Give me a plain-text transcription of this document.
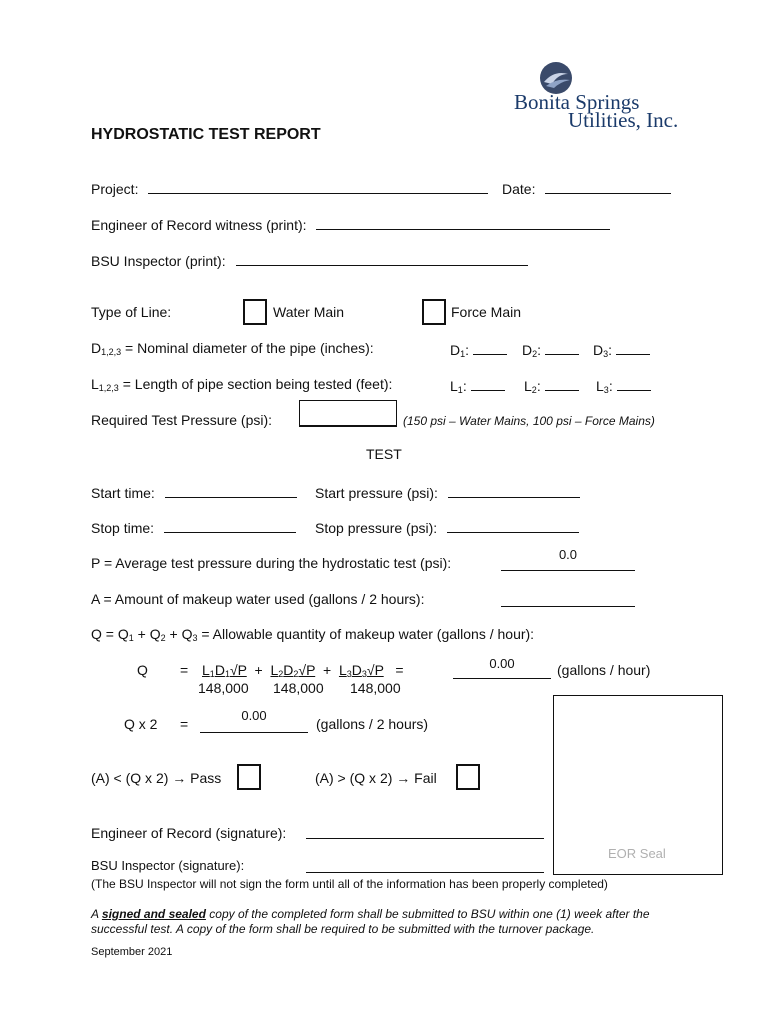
Bonita Springs
Utilities, Inc.
HYDROSTATIC TEST REPORT
Project:	Date:
Engineer of Record witness (print):
BSU Inspector (print):
Type of Line:	Water Main	Force Main
$D_{1,2,3}$ = Nominal diameter of the pipe (inches):	$D_1$:	$D_2$:	$D_3$:
$L_{1,2,3}$ = Length of pipe section being tested (feet):	$L_1$:	$L_2$:	$L_3$:
Required Test Pressure (psi):	(150 psi – Water Mains, 100 psi – Force Mains)
TEST
Start time:	Start pressure (psi):
Stop time:	Stop pressure (psi):
P = Average test pressure during the hydrostatic test (psi):
0.0
A = Amount of makeup water used (gallons / 2 hours):
$Q = Q_1 + Q_2 + Q_3$ = Allowable quantity of makeup water (gallons / hour):
$Q = L_1D_1√P + L_2D_2√P + L_3D_3√P$   =
148,000 148,000 148,000
0.00	(gallons / hour)
Q x 2 =
0.00
(gallons / 2 hours)
EOR Seal
(A) < (Q x 2) → Pass	(A) > (Q x 2) → Fail
Engineer of Record (signature):
BSU Inspector (signature):
(The BSU Inspector will not sign the form until all of the information has been properly completed)
A signed and sealed copy of the completed form shall be submitted to BSU within one (1) week after the
successful test. A copy of the form shall be required to be submitted with the turnover package.
September 2021
